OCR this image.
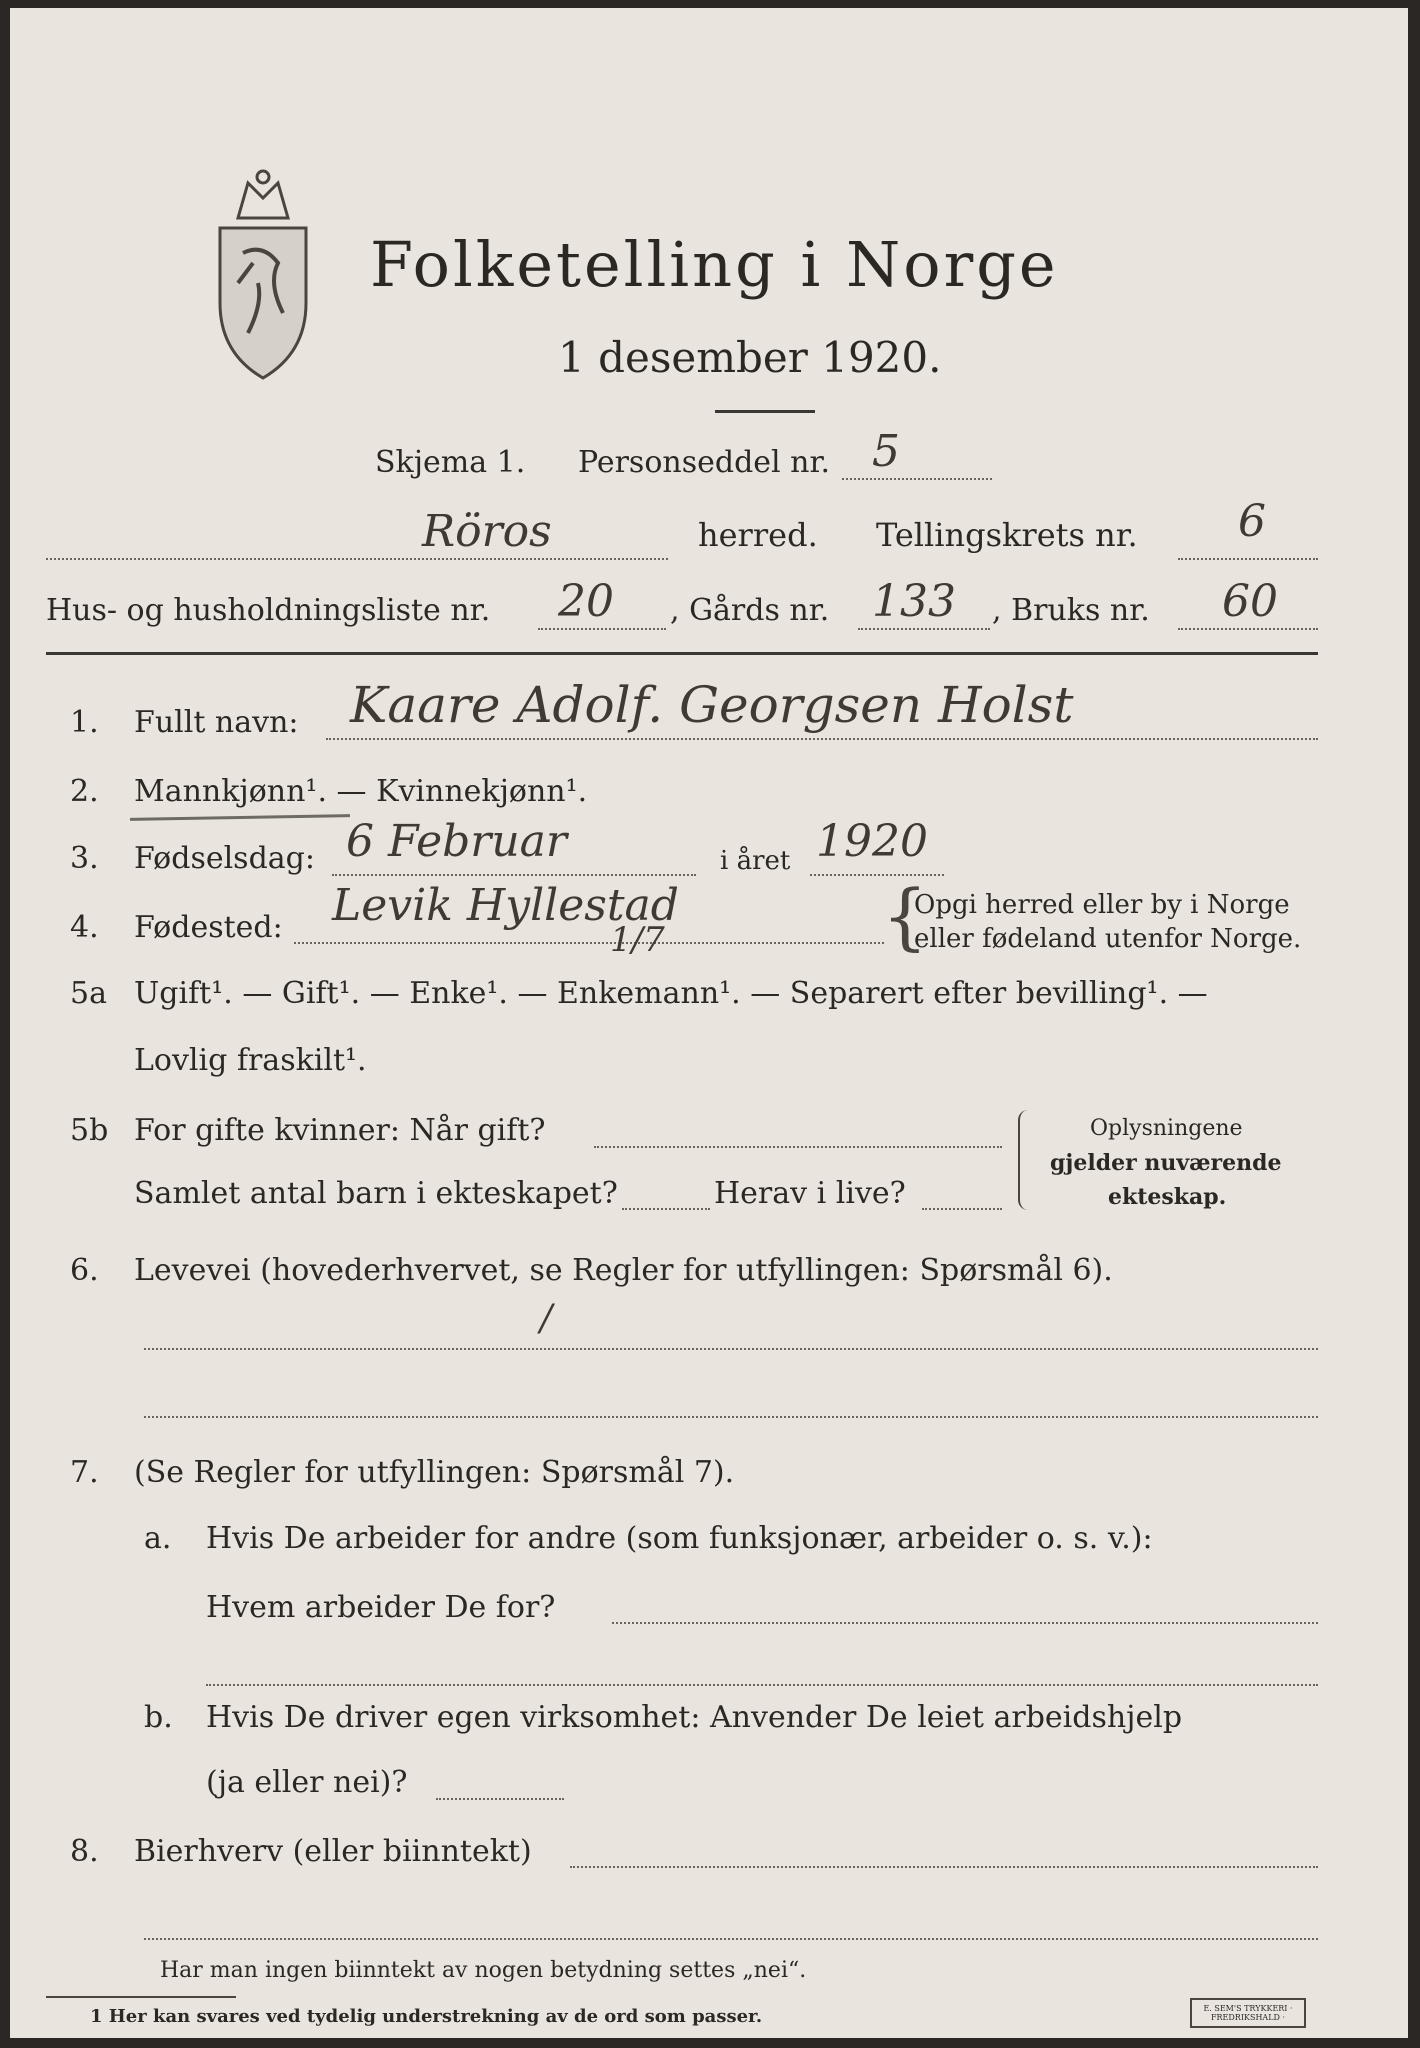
Folketelling i Norge
1 desember 1920.
Skjema 1. Personseddel nr. 5
Röros	herred. Tellingskrets nr. 6
Hus- og husholdningsliste nr. 20 , Gårds nr. 133 , Bruks nr. 60
1. Fullt navn: Kaare Adolf. Georgsen Holst
2. Mannkjønn¹. — Kvinnekjønn¹.
3. Fødselsdag: 6 Februar	i året 1920
4. Fødested: Levik Hyllestad
1/7	{
Opgi herred eller by i Norge
eller fødeland utenfor Norge.
5a Ugift¹. — Gift¹. — Enke¹. — Enkemann¹. — Separert efter bevilling¹. —
Lovlig fraskilt¹.
5b For gifte kvinner: Når gift?
Samlet antal barn i ekteskapet?	Herav i live?
Oplysningene
gjelder nuværende
ekteskap.
6. Levevei (hovederhvervet, se Regler for utfyllingen: Spørsmål 6).
/
7. (Se Regler for utfyllingen: Spørsmål 7).
a. Hvis De arbeider for andre (som funksjonær, arbeider o. s. v.):
Hvem arbeider De for?
b. Hvis De driver egen virksomhet: Anvender De leiet arbeidshjelp
(ja eller nei)?
8. Bierhverv (eller biinntekt)
Har man ingen biinntekt av nogen betydning settes „nei“.
1 Her kan svares ved tydelig understrekning av de ord som passer.	E. SEM'S TRYKKERI · FREDRIKSHALD ·
